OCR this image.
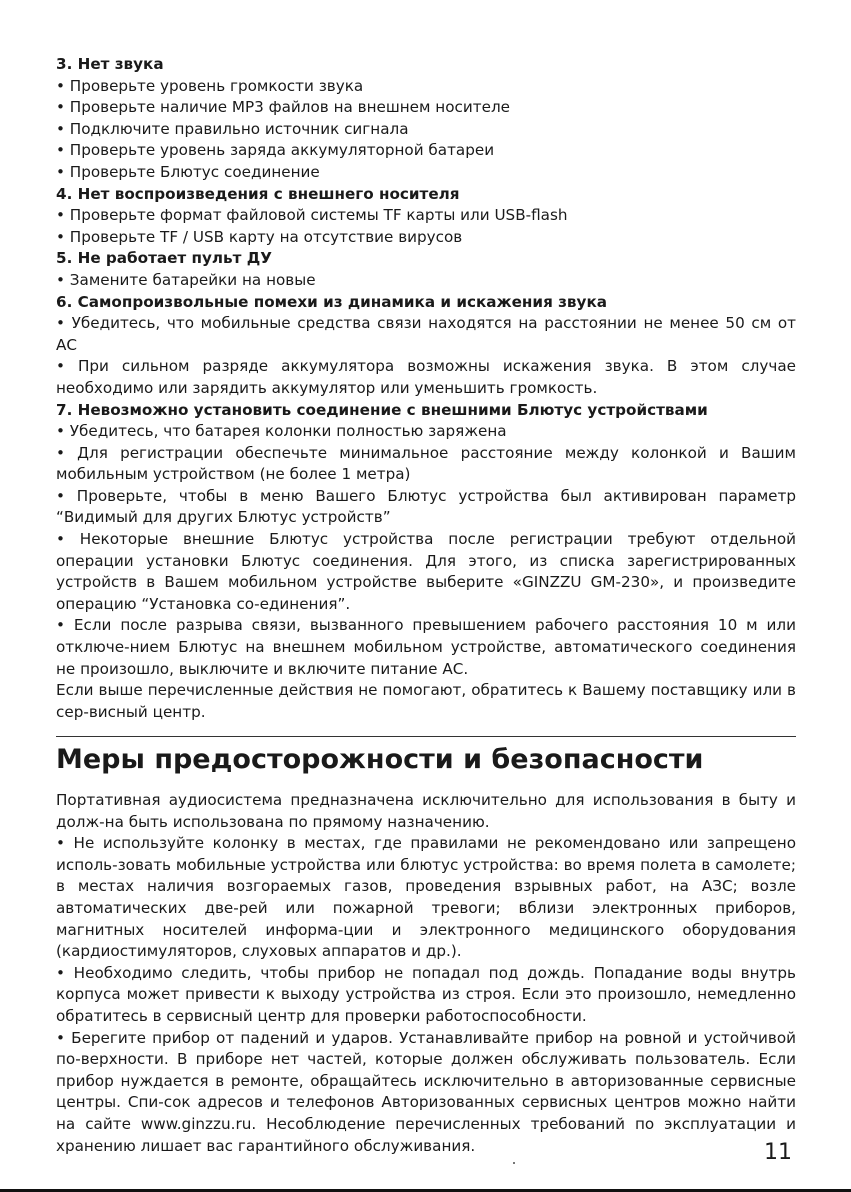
3. Нет звука

• Проверьте уровень громкости звука

• Проверьте наличие MP3 файлов на внешнем носителе

• Подключите правильно источник сигнала

• Проверьте уровень заряда аккумуляторной батареи

• Проверьте Блютус соединение

4. Нет воспроизведения с внешнего носителя

• Проверьте формат файловой системы TF карты или USB-flash

• Проверьте TF / USB карту на отсутствие вирусов

5. Не работает пульт ДУ

• Замените батарейки на новые

6. Самопроизвольные помехи из динамика и искажения звука

• Убедитесь, что мобильные средства связи находятся на расстоянии не менее 50 см от АС

• При сильном разряде аккумулятора возможны искажения звука. В этом случае необходимо или зарядить аккумулятор или уменьшить громкость.

7. Невозможно установить соединение с внешними Блютус устройствами

• Убедитесь, что батарея колонки полностью заряжена

• Для регистрации обеспечьте минимальное расстояние между колонкой и Вашим мобильным устройством (не более 1 метра)

• Проверьте, чтобы в меню Вашего Блютус устройства был активирован параметр “Видимый для других Блютус устройств”

• Некоторые внешние Блютус устройства после регистрации требуют отдельной операции установки Блютус соединения. Для этого, из списка зарегистрированных устройств в Вашем мобильном устройстве выберите «GINZZU GM-230», и произведите операцию “Установка со-единения”.

• Если после разрыва связи, вызванного превышением рабочего расстояния 10 м или отключе-нием Блютус на внешнем мобильном устройстве, автоматического соединения не произошло, выключите и включите питание АС.

Если выше перечисленные действия не помогают, обратитесь к Вашему поставщику или в сер-висный центр.

Меры предосторожности и безопасности

Портативная аудиосистема предназначена исключительно для использования в быту и долж-на быть использована по прямому назначению.

• Не используйте колонку в местах, где правилами не рекомендовано или запрещено исполь-зовать мобильные устройства или блютус устройства: во время полета в самолете; в местах наличия возгораемых газов, проведения взрывных работ, на АЗС; возле автоматических две-рей или пожарной тревоги; вблизи электронных приборов, магнитных носителей информа-ции и электронного медицинского оборудования (кардиостимуляторов, слуховых аппаратов и др.).

• Необходимо следить, чтобы прибор не попадал под дождь. Попадание воды внутрь корпуса может привести к выходу устройства из строя. Если это произошло, немедленно обратитесь в сервисный центр для проверки работоспособности.

• Берегите прибор от падений и ударов. Устанавливайте прибор на ровной и устойчивой по-верхности. В приборе нет частей, которые должен обслуживать пользователь. Если прибор нуждается в ремонте, обращайтесь исключительно в авторизованные сервисные центры. Спи-сок адресов и телефонов Авторизованных сервисных центров можно найти на сайте www.ginzzu.ru. Несоблюдение перечисленных требований по эксплуатации и хранению лишает вас гарантийного обслуживания.	11
